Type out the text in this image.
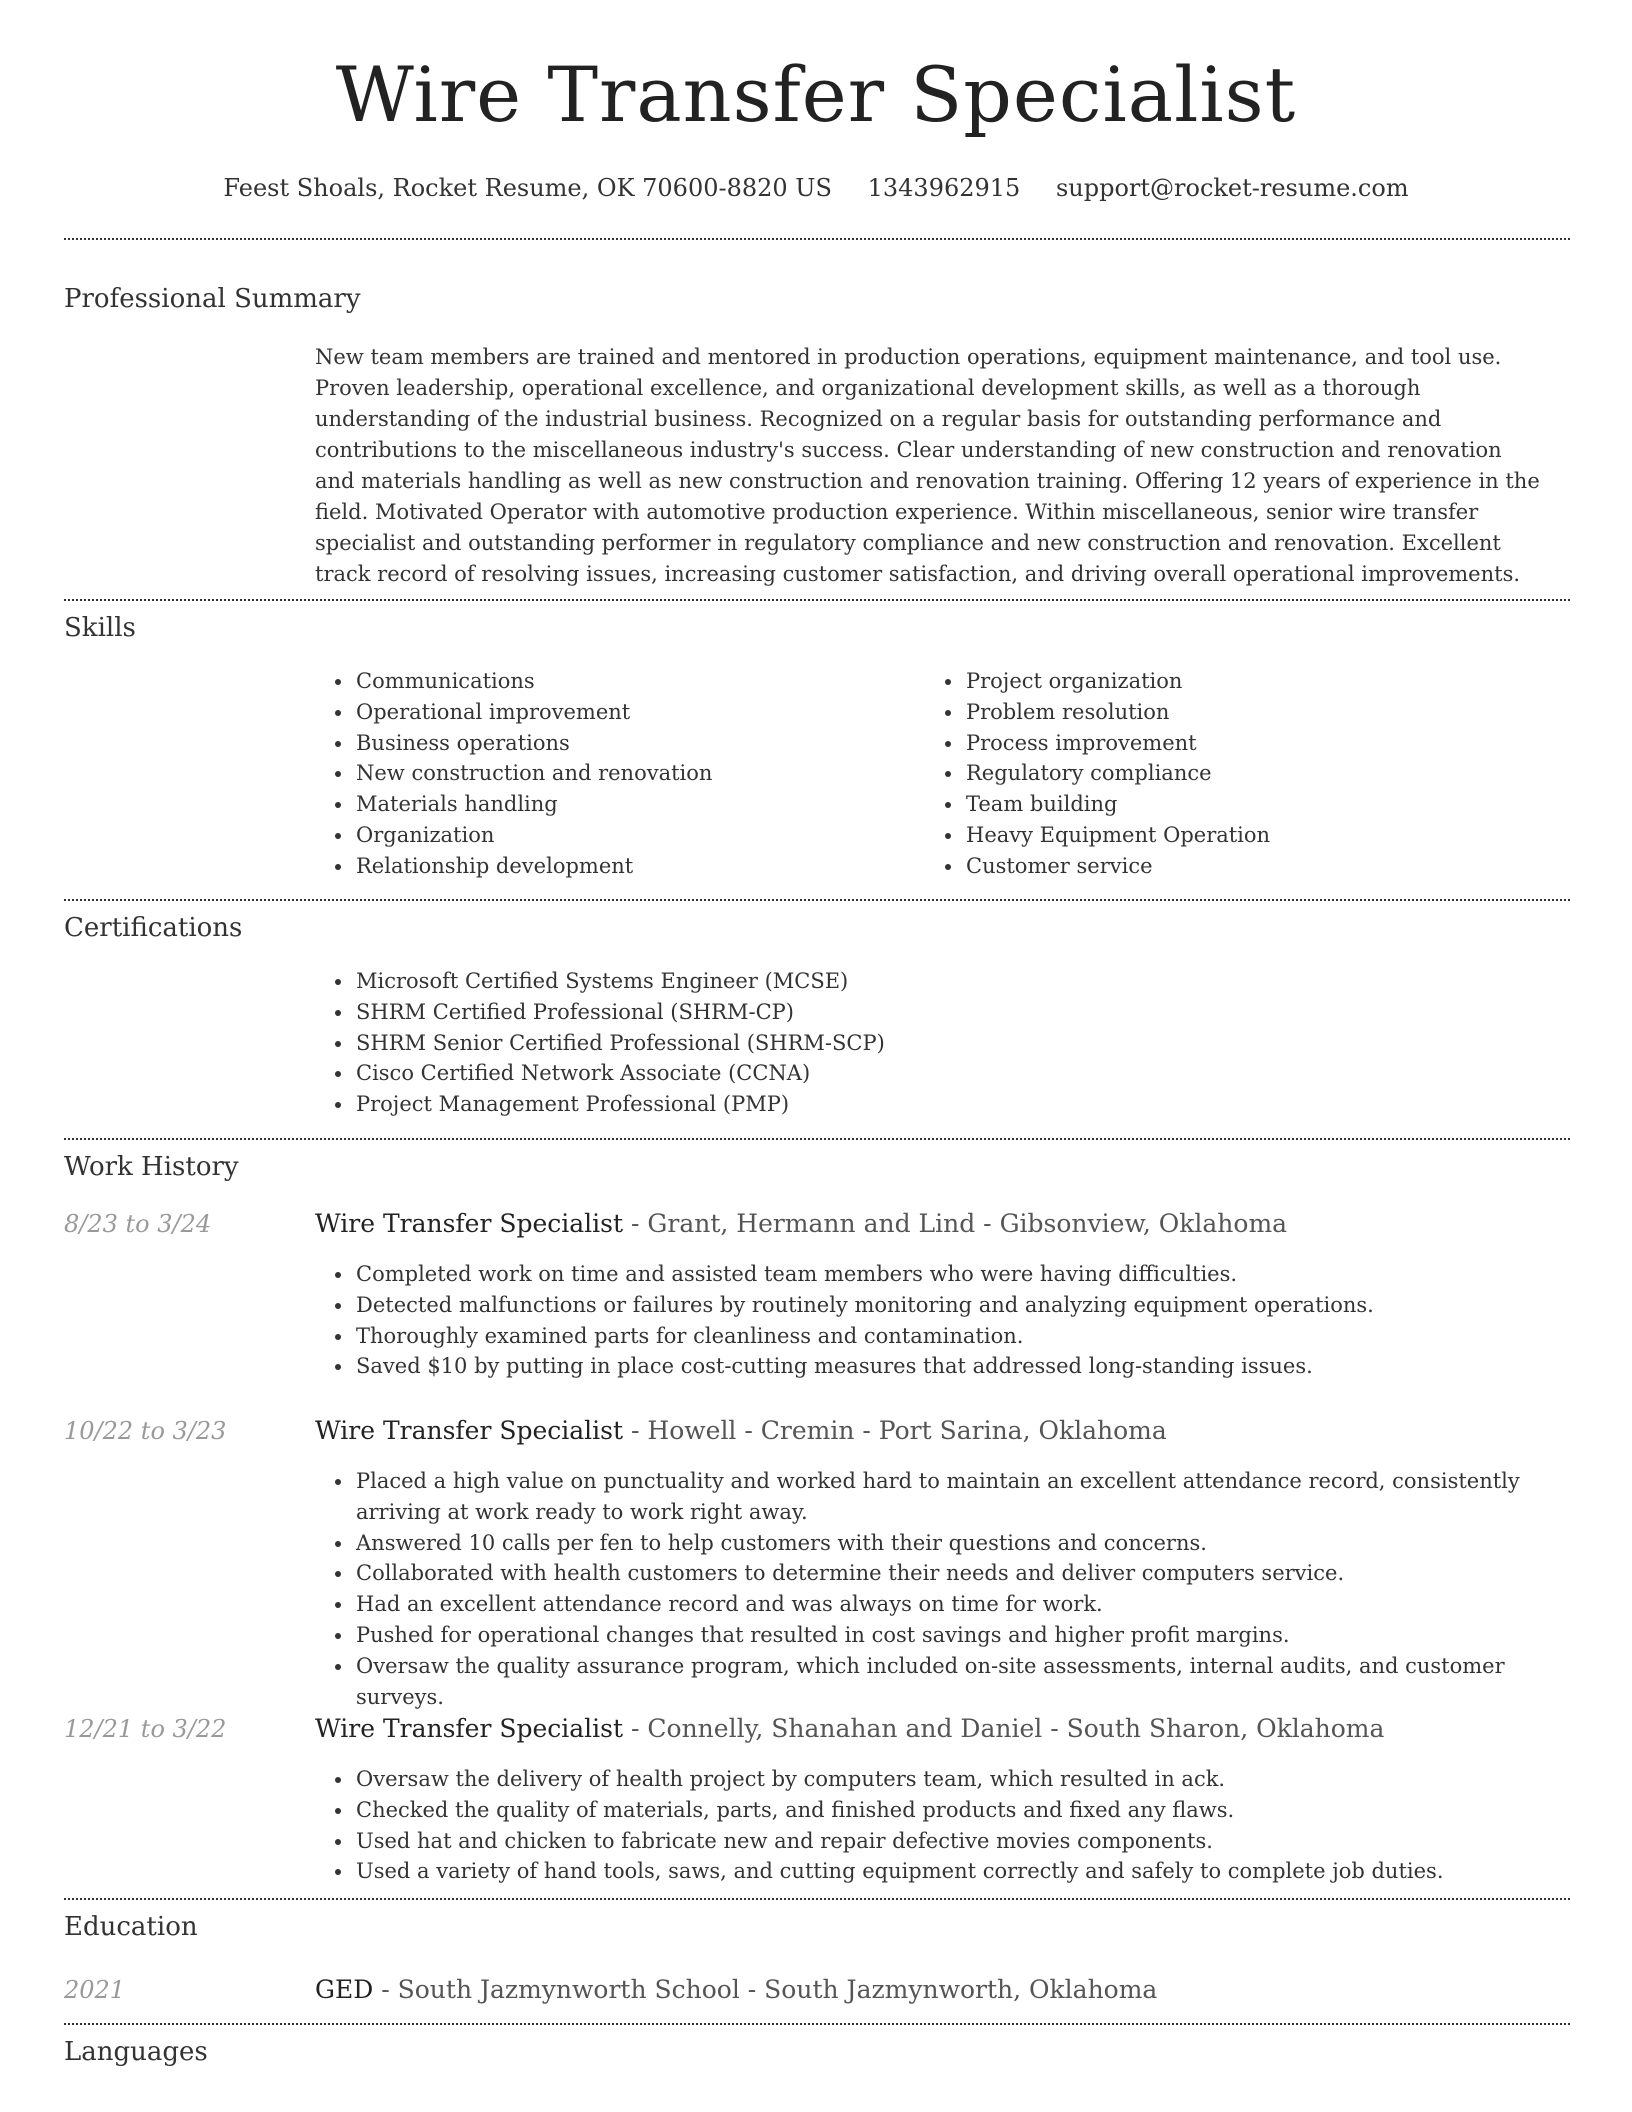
Wire Transfer Specialist
Feest Shoals, Rocket Resume, OK 70600-8820 US 1343962915 support@rocket-resume.com
Professional Summary

New team members are trained and mentored in production operations, equipment maintenance, and tool use. Proven leadership, operational excellence, and organizational development skills, as well as a thorough understanding of the industrial business. Recognized on a regular basis for outstanding performance and contributions to the miscellaneous industry's success. Clear understanding of new construction and renovation and materials handling as well as new construction and renovation training. Offering 12 years of experience in the field. Motivated Operator with automotive production experience. Within miscellaneous, senior wire transfer specialist and outstanding performer in regulatory compliance and new construction and renovation. Excellent track record of resolving issues, increasing customer satisfaction, and driving overall operational improvements.

Skills
• Communications
• Operational improvement
• Business operations
• New construction and renovation
• Materials handling
• Organization
• Relationship development
• Project organization
• Problem resolution
• Process improvement
• Regulatory compliance
• Team building
• Heavy Equipment Operation
• Customer service
Certifications
• Microsoft Certified Systems Engineer (MCSE)
• SHRM Certified Professional (SHRM-CP)
• SHRM Senior Certified Professional (SHRM-SCP)
• Cisco Certified Network Associate (CCNA)
• Project Management Professional (PMP)
Work History
8/23 to 3/24	Wire Transfer Specialist - Grant, Hermann and Lind - Gibsonview, Oklahoma
• Completed work on time and assisted team members who were having difficulties.
• Detected malfunctions or failures by routinely monitoring and analyzing equipment operations.
• Thoroughly examined parts for cleanliness and contamination.
• Saved $10 by putting in place cost-cutting measures that addressed long-standing issues.
10/22 to 3/23	Wire Transfer Specialist - Howell - Cremin - Port Sarina, Oklahoma
• Placed a high value on punctuality and worked hard to maintain an excellent attendance record, consistently arriving at work ready to work right away.
• Answered 10 calls per fen to help customers with their questions and concerns.
• Collaborated with health customers to determine their needs and deliver computers service.
• Had an excellent attendance record and was always on time for work.
• Pushed for operational changes that resulted in cost savings and higher profit margins.
• Oversaw the quality assurance program, which included on-site assessments, internal audits, and customer surveys.
12/21 to 3/22	Wire Transfer Specialist - Connelly, Shanahan and Daniel - South Sharon, Oklahoma
• Oversaw the delivery of health project by computers team, which resulted in ack.
• Checked the quality of materials, parts, and finished products and fixed any flaws.
• Used hat and chicken to fabricate new and repair defective movies components.
• Used a variety of hand tools, saws, and cutting equipment correctly and safely to complete job duties.
Education
2021	GED - South Jazmynworth School - South Jazmynworth, Oklahoma
Languages
